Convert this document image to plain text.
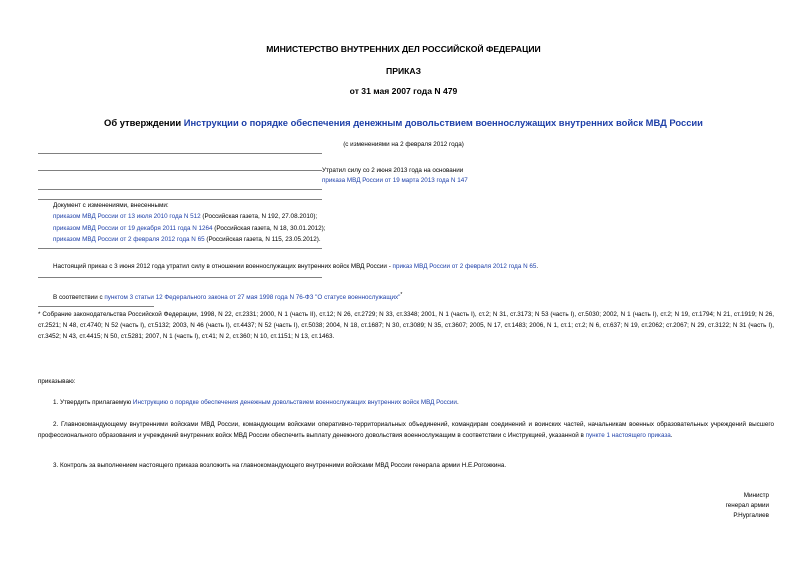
МИНИСТЕРСТВО ВНУТРЕННИХ ДЕЛ РОССИЙСКОЙ ФЕДЕРАЦИИ
ПРИКАЗ
от 31 мая 2007 года N 479
Об утверждении Инструкции о порядке обеспечения денежным довольствием военнослужащих внутренних войск МВД России
(с изменениями на 2 февраля 2012 года)
Утратил силу со 2 июня 2013 года на основании
приказа МВД России от 19 марта 2013 года N 147
Документ с изменениями, внесенными:
приказом МВД России от 13 июля 2010 года N 512 (Российская газета, N 192, 27.08.2010);
приказом МВД России от 19 декабря 2011 года N 1264 (Российская газета, N 18, 30.01.2012);
приказом МВД России от 2 февраля 2012 года N 65 (Российская газета, N 115, 23.05.2012).
Настоящий приказ с 3 июня 2012 года утратил силу в отношении военнослужащих внутренних войск МВД России - приказ МВД России от 2 февраля 2012 года N 65.
В соответствии с пунктом 3 статьи 12 Федерального закона от 27 мая 1998 года N 76-ФЗ "О статусе военнослужащих"*
* Собрание законодательства Российской Федерации, 1998, N 22, ст.2331; 2000, N 1 (часть II), ст.12; N 26, ст.2729; N 33, ст.3348; 2001, N 1 (часть I), ст.2; N 31, ст.3173; N 53 (часть I), ст.5030; 2002, N 1 (часть I), ст.2; N 19, ст.1794; N 21, ст.1919; N 26, ст.2521; N 48, ст.4740; N 52 (часть I), ст.5132; 2003, N 46 (часть I), ст.4437; N 52 (часть I), ст.5038; 2004, N 18, ст.1687; N 30, ст.3089; N 35, ст.3607; 2005, N 17, ст.1483; 2006, N 1, ст.1; ст.2; N 6, ст.637; N 19, ст.2062; ст.2067; N 29, ст.3122; N 31 (часть I), ст.3452; N 43, ст.4415; N 50, ст.5281; 2007, N 1 (часть I), ст.41; N 2, ст.360; N 10, ст.1151; N 13, ст.1463.
приказываю:
1. Утвердить прилагаемую Инструкцию о порядке обеспечения денежным довольствием военнослужащих внутренних войск МВД России.
2. Главнокомандующему внутренними войсками МВД России, командующим войсками оперативно-территориальных объединений, командирам соединений и воинских частей, начальникам военных образовательных учреждений высшего профессионального образования и учреждений внутренних войск МВД России обеспечить выплату денежного довольствия военнослужащим в соответствии с Инструкцией, указанной в пункте 1 настоящего приказа.
3. Контроль за выполнением настоящего приказа возложить на главнокомандующего внутренними войсками МВД России генерала армии Н.Е.Рогожкина.
Министр
генерал армии
Р.Нургалиев
